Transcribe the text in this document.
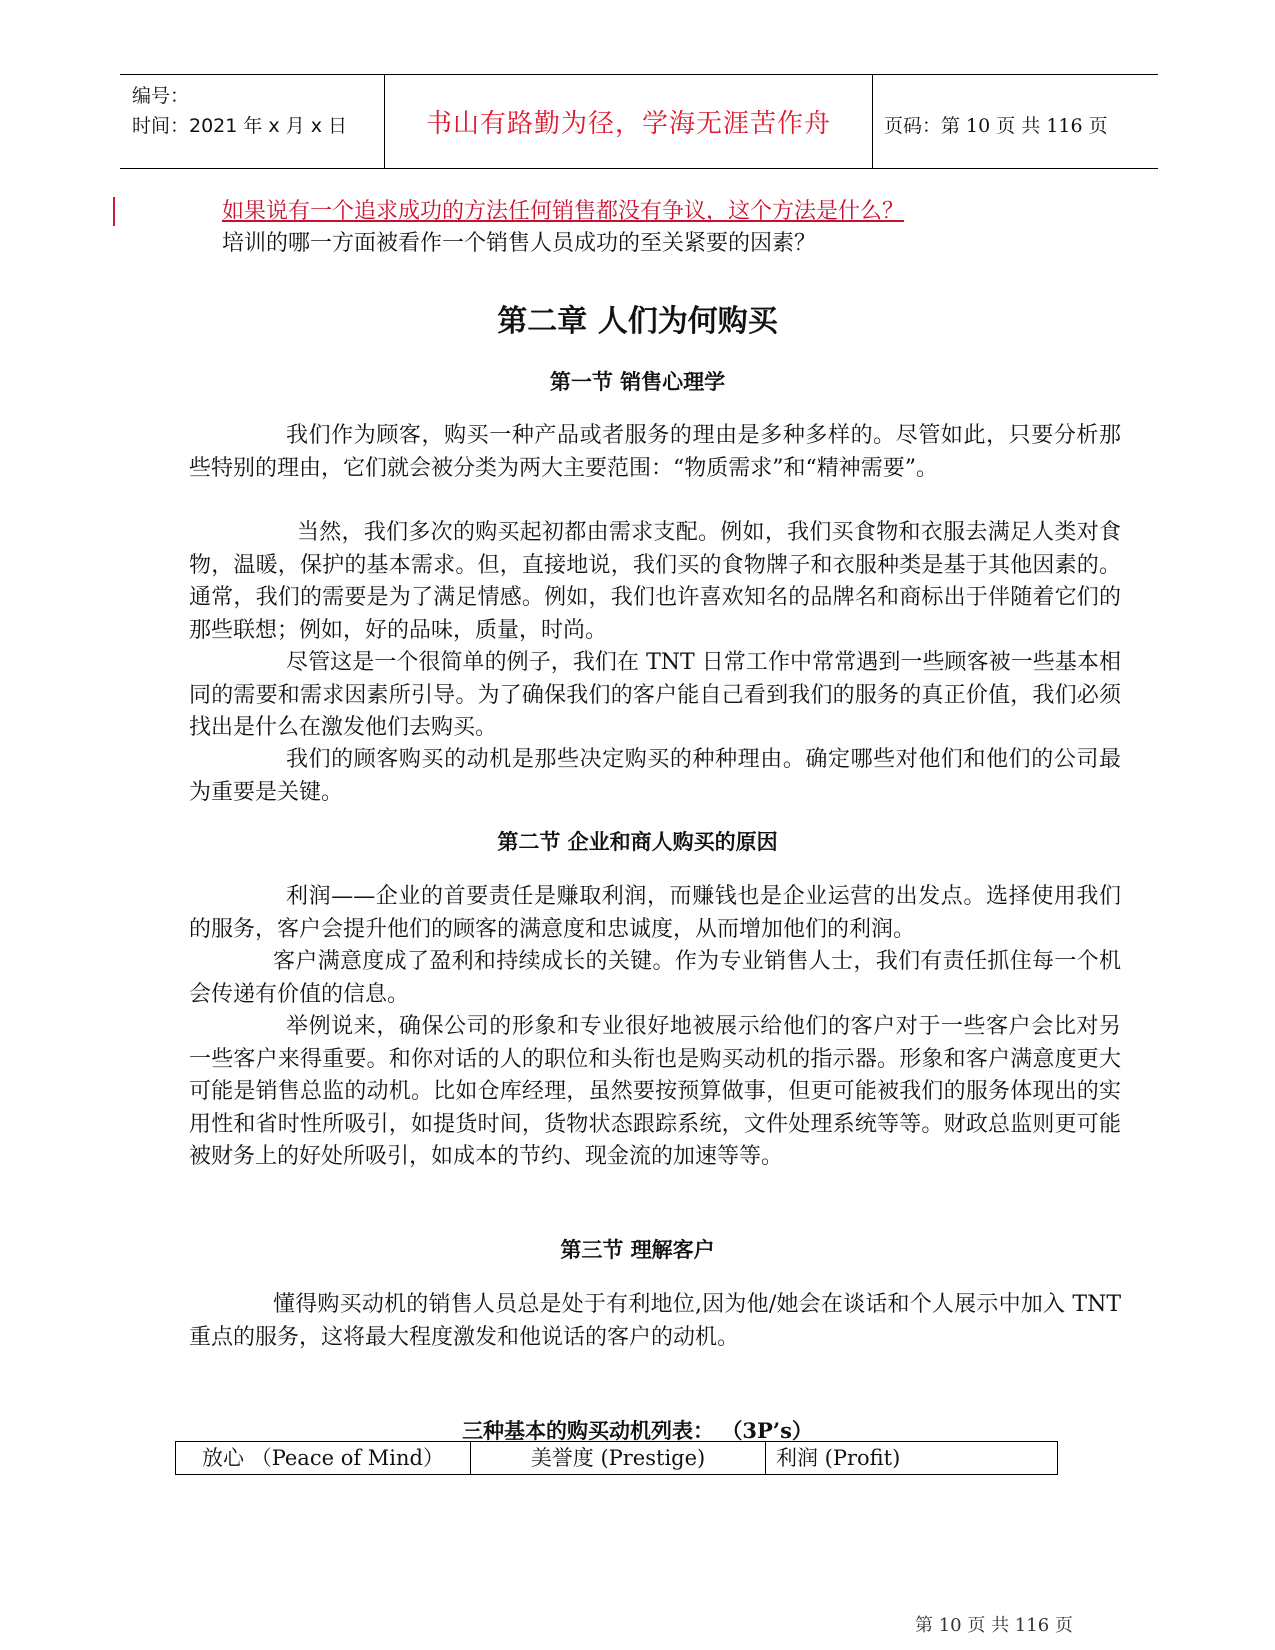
编号：
时间：2021 年 x 月 x 日	书山有路勤为径，学海无涯苦作舟	页码：第 10 页 共 116 页
如果说有一个追求成功的方法任何销售都没有争议，这个方法是什么？
培训的哪一方面被看作一个销售人员成功的至关紧要的因素？
第二章 人们为何购买
第一节 销售心理学

我们作为顾客，购买一种产品或者服务的理由是多种多样的。尽管如此，只要分析那些特别的理由，它们就会被分类为两大主要范围：“物质需求”和“精神需要”。

当然，我们多次的购买起初都由需求支配。例如，我们买食物和衣服去满足人类对食物，温暖，保护的基本需求。但，直接地说，我们买的食物牌子和衣服种类是基于其他因素的。通常，我们的需要是为了满足情感。例如，我们也许喜欢知名的品牌名和商标出于伴随着它们的那些联想；例如，好的品味，质量，时尚。

尽管这是一个很简单的例子，我们在 TNT 日常工作中常常遇到一些顾客被一些基本相同的需要和需求因素所引导。为了确保我们的客户能自己看到我们的服务的真正价值，我们必须找出是什么在激发他们去购买。

我们的顾客购买的动机是那些决定购买的种种理由。确定哪些对他们和他们的公司最为重要是关键。

第二节 企业和商人购买的原因

利润——企业的首要责任是赚取利润，而赚钱也是企业运营的出发点。选择使用我们的服务，客户会提升他们的顾客的满意度和忠诚度，从而增加他们的利润。

客户满意度成了盈利和持续成长的关键。作为专业销售人士，我们有责任抓住每一个机会传递有价值的信息。

举例说来，确保公司的形象和专业很好地被展示给他们的客户对于一些客户会比对另一些客户来得重要。和你对话的人的职位和头衔也是购买动机的指示器。形象和客户满意度更大可能是销售总监的动机。比如仓库经理，虽然要按预算做事，但更可能被我们的服务体现出的实用性和省时性所吸引，如提货时间，货物状态跟踪系统，文件处理系统等等。财政总监则更可能被财务上的好处所吸引，如成本的节约、现金流的加速等等。

第三节 理解客户

懂得购买动机的销售人员总是处于有利地位,因为他/她会在谈话和个人展示中加入 TNT 重点的服务，这将最大程度激发和他说话的客户的动机。

三种基本的购买动机列表： （3P’s）
放心 （Peace of Mind）	美誉度 (Prestige)	利润 (Profit)
第 10 页 共 116 页
